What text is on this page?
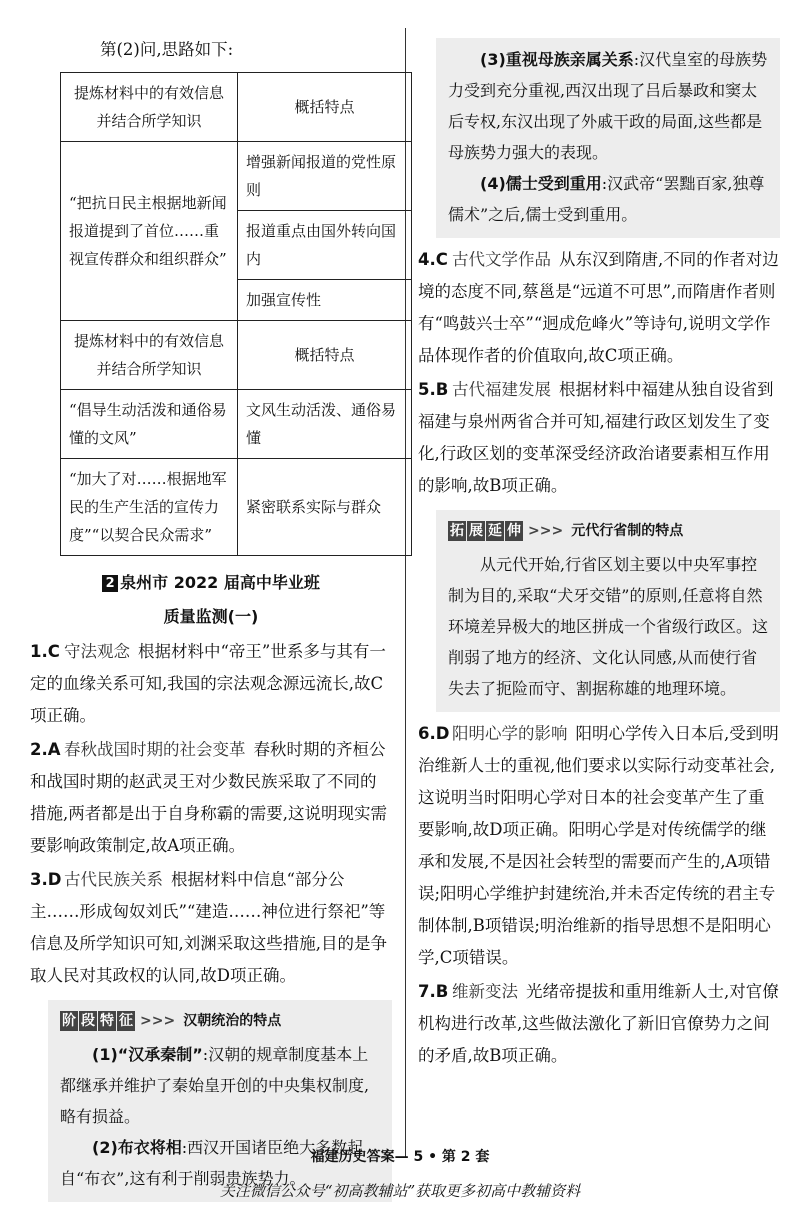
第(2)问,思路如下:
提炼材料中的有效信息并结合所学知识	概括特点
“把抗日民主根据地新闻报道提到了首位……重视宣传群众和组织群众”	增强新闻报道的党性原则
	报道重点由国外转向国内
	加强宣传性
提炼材料中的有效信息并结合所学知识	概括特点
“倡导生动活泼和通俗易懂的文风”	文风生动活泼、通俗易懂
“加大了对……根据地军民的生产生活的宣传力度”“以契合民众需求”	紧密联系实际与群众
2 泉州市 2022 届高中毕业班
质量监测(一)
1.C 守法观念 根据材料中“帝王”世系多与其有一定的血缘关系可知,我国的宗法观念源远流长,故C项正确。
2.A 春秋战国时期的社会变革 春秋时期的齐桓公和战国时期的赵武灵王对少数民族采取了不同的措施,两者都是出于自身称霸的需要,这说明现实需要影响政策制定,故A项正确。
3.D 古代民族关系 根据材料中信息“部分公主……形成匈奴刘氏”“建造……神位进行祭祀”等信息及所学知识可知,刘渊采取这些措施,目的是争取人民对其政权的认同,故D项正确。
阶 段 特 征 >>> 汉朝统治的特点
(1)“汉承秦制”:汉朝的规章制度基本上都继承并维护了秦始皇开创的中央集权制度,略有损益。
(2)布衣将相:西汉开国诸臣绝大多数起自“布衣”,这有利于削弱贵族势力。
(3)重视母族亲属关系:汉代皇室的母族势力受到充分重视,西汉出现了吕后暴政和窦太后专权,东汉出现了外戚干政的局面,这些都是母族势力强大的表现。
(4)儒士受到重用:汉武帝“罢黜百家,独尊儒术”之后,儒士受到重用。
4.C 古代文学作品 从东汉到隋唐,不同的作者对边境的态度不同,蔡邕是“远道不可思”,而隋唐作者则有“鸣鼓兴士卒”“迥成危峰火”等诗句,说明文学作品体现作者的价值取向,故C项正确。
5.B 古代福建发展 根据材料中福建从独自设省到福建与泉州两省合并可知,福建行政区划发生了变化,行政区划的变革深受经济政治诸要素相互作用的影响,故B项正确。
拓 展 延 伸 >>> 元代行省制的特点
从元代开始,行省区划主要以中央军事控制为目的,采取“犬牙交错”的原则,任意将自然环境差异极大的地区拼成一个省级行政区。这削弱了地方的经济、文化认同感,从而使行省失去了扼险而守、割据称雄的地理环境。
6.D 阳明心学的影响 阳明心学传入日本后,受到明治维新人士的重视,他们要求以实际行动变革社会,这说明当时阳明心学对日本的社会变革产生了重要影响,故D项正确。阳明心学是对传统儒学的继承和发展,不是因社会转型的需要而产生的,A项错误;阳明心学维护封建统治,并未否定传统的君主专制体制,B项错误;明治维新的指导思想不是阳明心学,C项错误。
7.B 维新变法 光绪帝提拔和重用维新人士,对官僚机构进行改革,这些做法激化了新旧官僚势力之间的矛盾,故B项正确。
福建历史答案— 5 • 第 2 套
关注微信公众号“初高教辅站”获取更多初高中教辅资料
